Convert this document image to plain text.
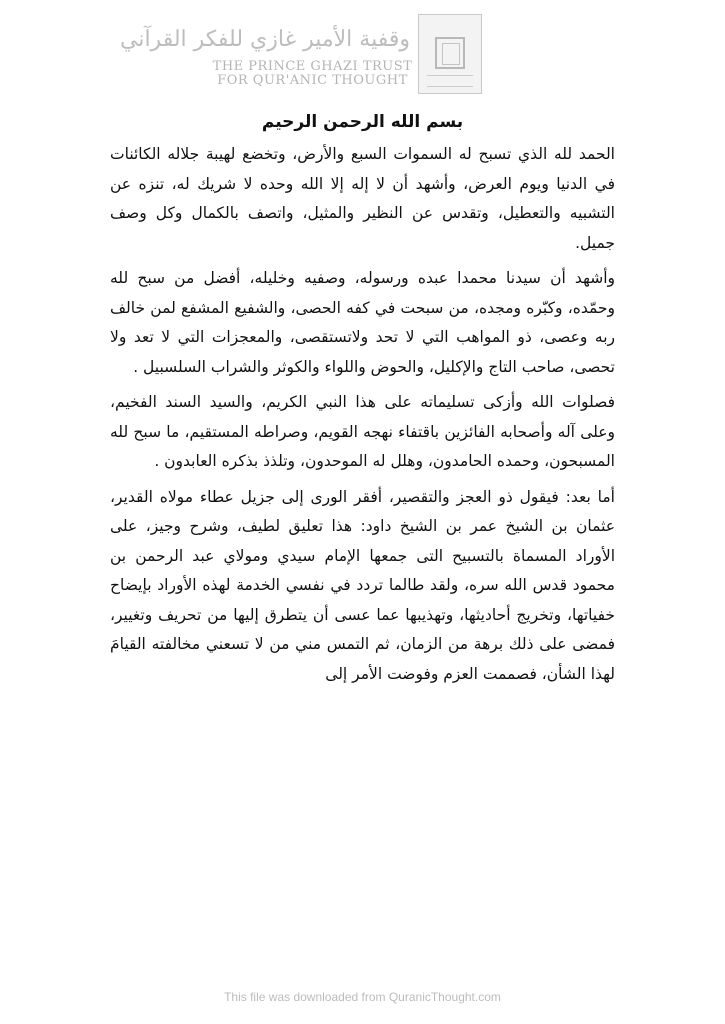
وقفية الأمير غازي للفكر القرآني
THE PRINCE GHAZI TRUST
FOR QUR'ANIC THOUGHT
بسم الله الرحمن الرحيم

الحمد لله الذي تسبح له السموات السبع والأرض، وتخضع لهيبة جلاله الكائنات في الدنيا ويوم العرض، وأشهد أن لا إله إلا الله وحده لا شريك له، تنزه عن التشبيه والتعطيل، وتقدس عن النظير والمثيل، واتصف بالكمال وكل وصف جميل.

وأشهد أن سيدنا محمدا عبده ورسوله، وصفيه وخليله، أفضل من سبح لله وحمّده، وكبّره ومجده، من سبحت في كفه الحصى، والشفيع المشفع لمن خالف ربه وعصى، ذو المواهب التي لا تحد ولاتستقصى، والمعجزات التي لا تعد ولا تحصى، صاحب التاج والإكليل، والحوض واللواء والكوثر والشراب السلسبيل .

فصلوات الله وأزكى تسليماته على هذا النبي الكريم، والسيد السند الفخيم، وعلى آله وأصحابه الفائزين باقتفاء نهجه القويم، وصراطه المستقيم، ما سبح لله المسبحون، وحمده الحامدون، وهلل له الموحدون، وتلذذ بذكره العابدون .

أما بعد: فيقول ذو العجز والتقصير، أفقر الورى إلى جزيل عطاء مولاه القدير، عثمان بن الشيخ عمر بن الشيخ داود: هذا تعليق لطيف، وشرح وجيز، على الأوراد المسماة بالتسبيح التى جمعها الإمام سيدي ومولاي عبد الرحمن بن محمود قدس الله سره، ولقد طالما تردد في نفسي الخدمة لهذه الأوراد بإيضاح خفياتها، وتخريج أحاديثها، وتهذيبها عما عسى أن يتطرق إليها من تحريف وتغيير، فمضى على ذلك برهة من الزمان، ثم التمس مني من لا تسعني مخالفته القيامَ لهذا الشأن، فصممت العزم وفوضت الأمر إلى

This file was downloaded from QuranicThought.com
